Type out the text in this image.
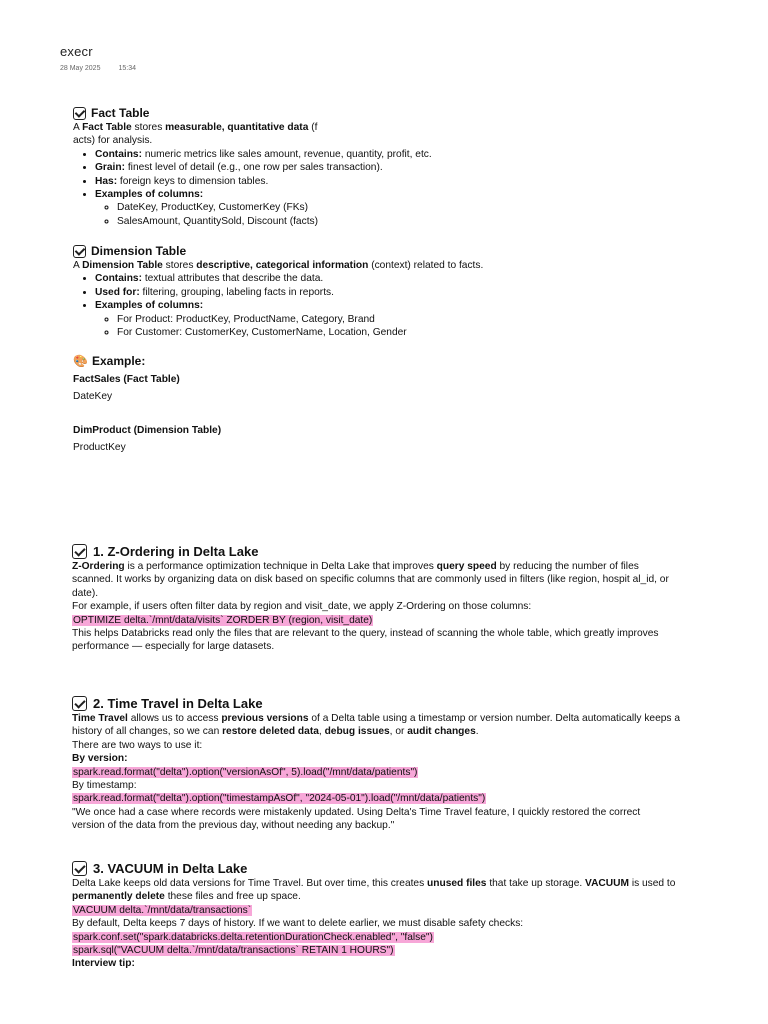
execr
28 May 2025	15:34
Fact Table

A Fact Table stores measurable, quantitative data (f

acts) for analysis.

• Contains: numeric metrics like sales amount, revenue, quantity, profit, etc.
• Grain: finest level of detail (e.g., one row per sales transaction).
• Has: foreign keys to dimension tables.
• Examples of columns:
◦ DateKey, ProductKey, CustomerKey (FKs)
◦ SalesAmount, QuantitySold, Discount (facts)
Dimension Table

A Dimension Table stores descriptive, categorical information (context) related to facts.

• Contains: textual attributes that describe the data.
• Used for: filtering, grouping, labeling facts in reports.
• Examples of columns:
◦ For Product: ProductKey, ProductName, Category, Brand
◦ For Customer: CustomerKey, CustomerName, Location, Gender
🎨 Example:

FactSales (Fact Table)

DateKey

DimProduct (Dimension Table)

ProductKey

1. Z-Ordering in Delta Lake

Z-Ordering is a performance optimization technique in Delta Lake that improves query speed by reducing the number of files

scanned. It works by organizing data on disk based on specific columns that are commonly used in filters (like region, hospit al_id, or

date).

For example, if users often filter data by region and visit_date, we apply Z-Ordering on those columns:

OPTIMIZE delta.`/mnt/data/visits` ZORDER BY (region, visit_date)

This helps Databricks read only the files that are relevant to the query, instead of scanning the whole table, which greatly improves

performance — especially for large datasets.

2. Time Travel in Delta Lake

Time Travel allows us to access previous versions of a Delta table using a timestamp or version number. Delta automatically keeps a

history of all changes, so we can restore deleted data, debug issues, or audit changes.

There are two ways to use it:

By version:

spark.read.format("delta").option("versionAsOf", 5).load("/mnt/data/patients")

By timestamp:

spark.read.format("delta").option("timestampAsOf", "2024-05-01").load("/mnt/data/patients")

"We once had a case where records were mistakenly updated. Using Delta's Time Travel feature, I quickly restored the correct

version of the data from the previous day, without needing any backup."

3. VACUUM in Delta Lake

Delta Lake keeps old data versions for Time Travel. But over time, this creates unused files that take up storage. VACUUM is used to

permanently delete these files and free up space.

VACUUM delta.`/mnt/data/transactions`

By default, Delta keeps 7 days of history. If we want to delete earlier, we must disable safety checks:

spark.conf.set("spark.databricks.delta.retentionDurationCheck.enabled", "false")

spark.sql("VACUUM delta.`/mnt/data/transactions` RETAIN 1 HOURS")

Interview tip:
